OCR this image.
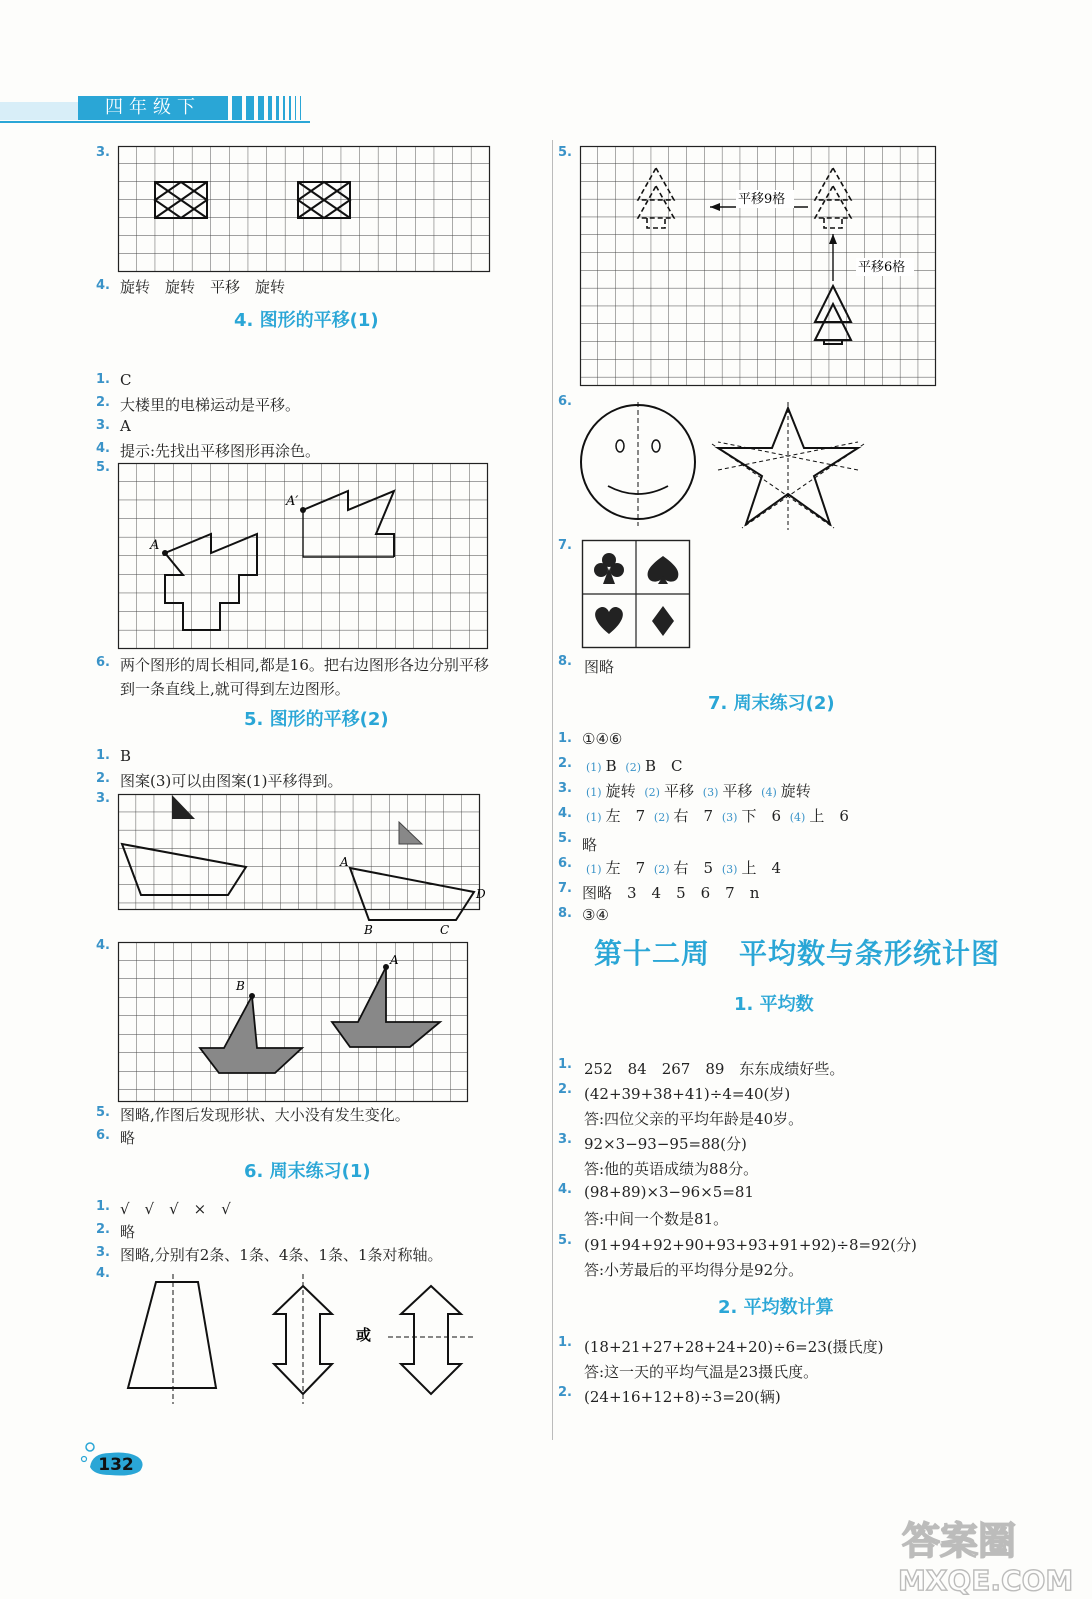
四年级下
3.
4. 旋转　旋转　平移　旋转
4. 图形的平移(1)
1. C
2. 大楼里的电梯运动是平移。
3. A
4. 提示:先找出平移图形再涂色。
5.
A
A′
6. 两个图形的周长相同,都是16。把右边图形各边分别平移
到一条直线上,就可得到左边图形。
5. 图形的平移(2)
1. B
2. 图案(3)可以由图案(1)平移得到。
3.
A
B	C
D
4.
B
A
5. 图略,作图后发现形状、大小没有发生变化。
6. 略
6. 周末练习(1)
1. √　√　√　×　√
2. 略
3. 图略,分别有2条、1条、4条、1条、1条对称轴。
4.
或
5.
平移9格
平移6格
6.
7.
8. 图略
7. 周末练习(2)
1. ①④⑥
2.	(1) B (2) B　C
3.	(1) 旋转 (2) 平移 (3) 平移 (4) 旋转
4.	(1) 左　7 (2) 右　7 (3) 下　6 (4) 上　6
5. 略
6.	(1) 左　7 (2) 右　5 (3) 上　4
7. 图略　3　4　5　6　7　n
8. ③④
第十二周　平均数与条形统计图
1. 平均数
1. 252　84　267　89　东东成绩好些。
2. (42+39+38+41)÷4=40(岁)
答:四位父亲的平均年龄是40岁。
3. 92×3−93−95=88(分)
答:他的英语成绩为88分。
4. (98+89)×3−96×5=81
答:中间一个数是81。
5. (91+94+92+90+93+93+91+92)÷8=92(分)
答:小芳最后的平均得分是92分。
2. 平均数计算
1. (18+21+27+28+24+20)÷6=23(摄氏度)
答:这一天的平均气温是23摄氏度。
2. (24+16+12+8)÷3=20(辆)
132
答案圈
MXQE.COM
